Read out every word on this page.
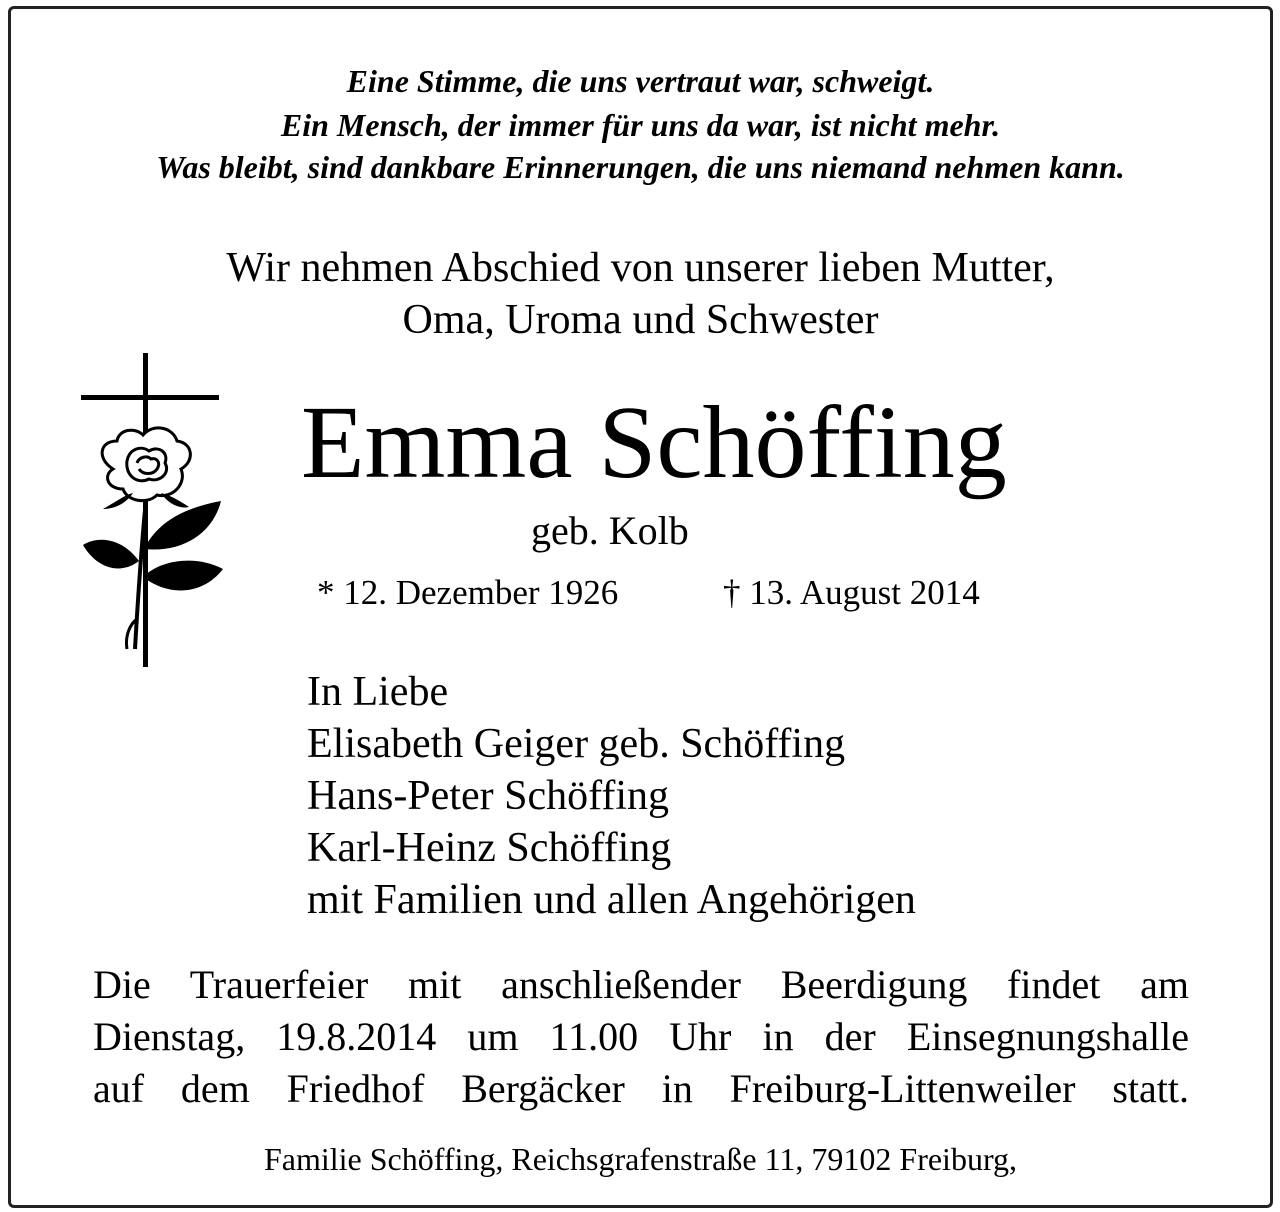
Eine Stimme, die uns vertraut war, schweigt.
Ein Mensch, der immer für uns da war, ist nicht mehr.
Was bleibt, sind dankbare Erinnerungen, die uns niemand nehmen kann.
Wir nehmen Abschied von unserer lieben Mutter,
Oma, Uroma und Schwester
Emma Schöffing
geb. Kolb
* 12. Dezember 1926	† 13. August 2014
In Liebe
Elisabeth Geiger geb. Schöffing
Hans-Peter Schöffing
Karl-Heinz Schöffing
mit Familien und allen Angehörigen
Die Trauerfeier mit anschließender Beerdigung findet am
Dienstag, 19.8.2014 um 11.00 Uhr in der Einsegnungshalle
auf dem Friedhof Bergäcker in Freiburg-Littenweiler statt.
Familie Schöffing, Reichsgrafenstraße 11, 79102 Freiburg,
